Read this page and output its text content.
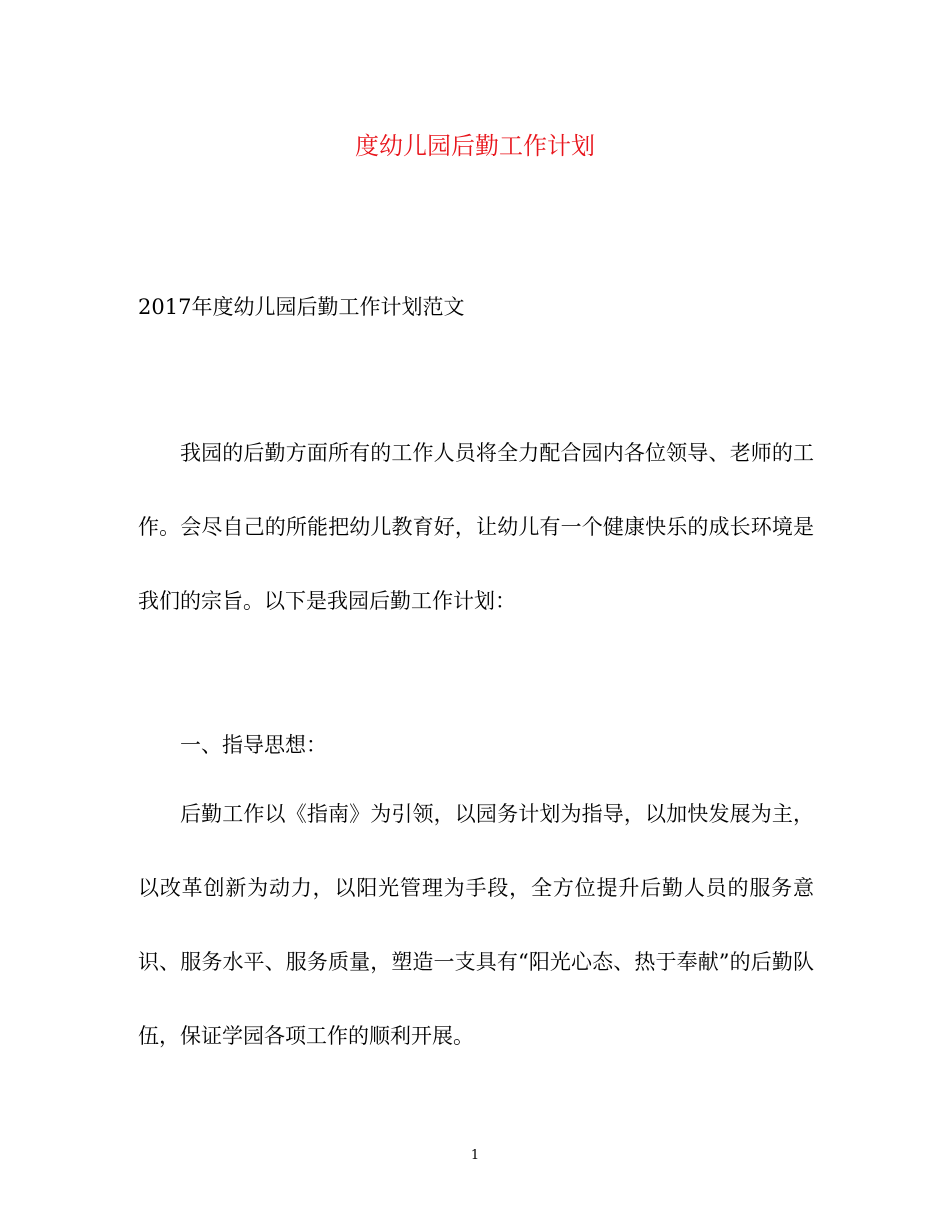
度幼儿园后勤工作计划

2017年度幼儿园后勤工作计划范文

我园的后勤方面所有的工作人员将全力配合园内各位领导、老师的工作。会尽自己的所能把幼儿教育好，让幼儿有一个健康快乐的成长环境是我们的宗旨。以下是我园后勤工作计划：

一、指导思想：

后勤工作以《指南》为引领，以园务计划为指导，以加快发展为主，以改革创新为动力，以阳光管理为手段，全方位提升后勤人员的服务意识、服务水平、服务质量，塑造一支具有“阳光心态、热于奉献”的后勤队伍，保证学园各项工作的顺利开展。

1
